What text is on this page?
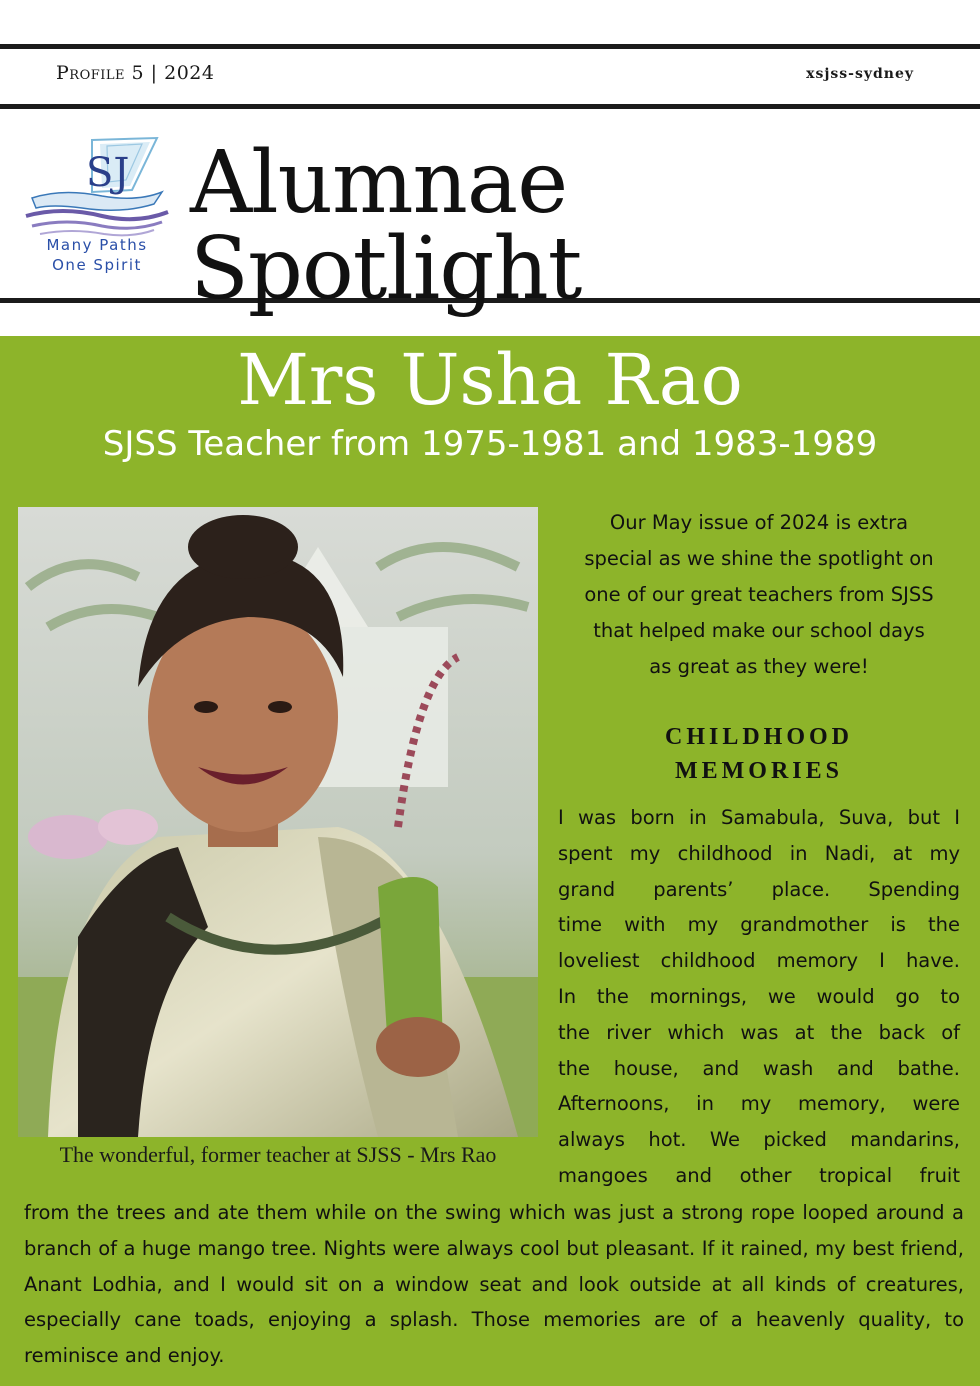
Profile 5 | 2024	xsjss-sydney
SJ
Many Paths
One Spirit
Alumnae Spotlight
Mrs Usha Rao
SJSS Teacher from 1975-1981 and 1983-1989
The wonderful, former teacher at SJSS - Mrs Rao
Our May issue of 2024 is extra
special as we shine the spotlight on
one of our great teachers from SJSS
that helped make our school days
as great as they were!
CHILDHOOD
MEMORIES
I was born in Samabula, Suva, but I
spent my childhood in Nadi, at my
grand parents’ place. Spending
time with my grandmother is the
loveliest childhood memory I have.
In the mornings, we would go to
the river which was at the back of
the house, and wash and bathe.
Afternoons, in my memory, were
always hot. We picked mandarins,
mangoes and other tropical fruit
from the trees and ate them while on the swing which was just a strong rope looped around a branch of a huge mango tree. Nights were always cool but pleasant. If it rained, my best friend, Anant Lodhia, and I would sit on a window seat and look outside at all kinds of creatures, especially cane toads, enjoying a splash. Those memories are of a heavenly quality, to reminisce and enjoy.
